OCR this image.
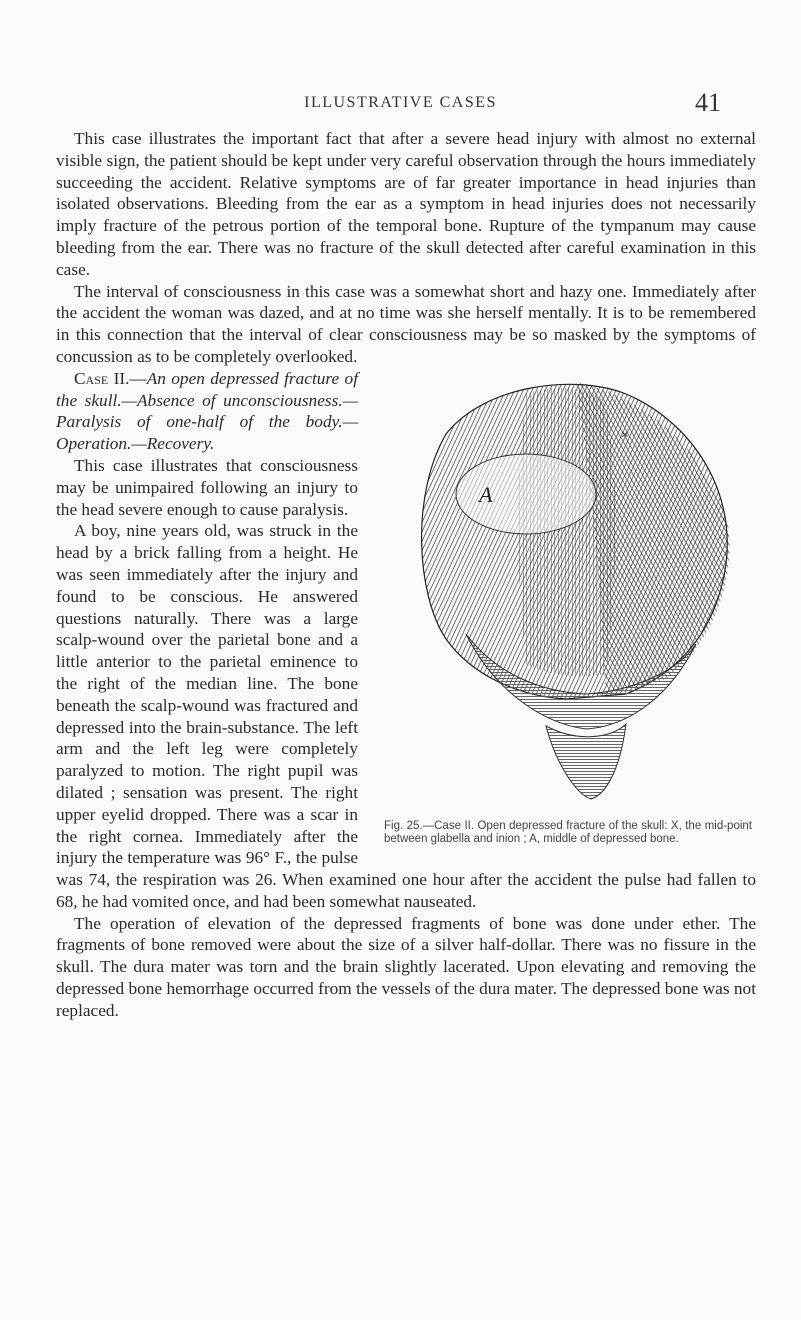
ILLUSTRATIVE CASES	41

This case illustrates the important fact that after a severe head injury with almost no external visible sign, the patient should be kept under very careful observation through the hours immediately succeeding the accident. Relative symptoms are of far greater importance in head injuries than isolated observations. Bleeding from the ear as a symptom in head injuries does not necessarily imply fracture of the petrous portion of the temporal bone. Rupture of the tympanum may cause bleeding from the ear. There was no fracture of the skull detected after careful examination in this case.

The interval of consciousness in this case was a somewhat short and hazy one. Immediately after the accident the woman was dazed, and at no time was she herself mentally. It is to be remembered in this connection that the interval of clear consciousness may be so masked by the symptoms of concussion as to be completely overlooked.

A
×
Fig. 25.—Case II. Open depressed fracture of the skull: X, the mid-point between glabella and inion ; A, middle of depressed bone.

Case II.—An open depressed fracture of the skull.—Absence of unconsciousness.—Paralysis of one-half of the body.—Operation.—Recovery.

This case illustrates that consciousness may be unimpaired following an injury to the head severe enough to cause paralysis.

A boy, nine years old, was struck in the head by a brick falling from a height. He was seen immediately after the injury and found to be conscious. He answered questions naturally. There was a large scalp-wound over the parietal bone and a little anterior to the parietal eminence to the right of the median line. The bone beneath the scalp-wound was fractured and depressed into the brain-substance. The left arm and the left leg were completely paralyzed to motion. The right pupil was dilated ; sensation was present. The right upper eyelid dropped. There was a scar in the right cornea. Immediately after the injury the temperature was 96° F., the pulse was 74, the respiration was 26. When examined one hour after the accident the pulse had fallen to 68, he had vomited once, and had been somewhat nauseated.

The operation of elevation of the depressed fragments of bone was done under ether. The fragments of bone removed were about the size of a silver half-dollar. There was no fissure in the skull. The dura mater was torn and the brain slightly lacerated. Upon elevating and removing the depressed bone hemorrhage occurred from the vessels of the dura mater. The depressed bone was not replaced.
